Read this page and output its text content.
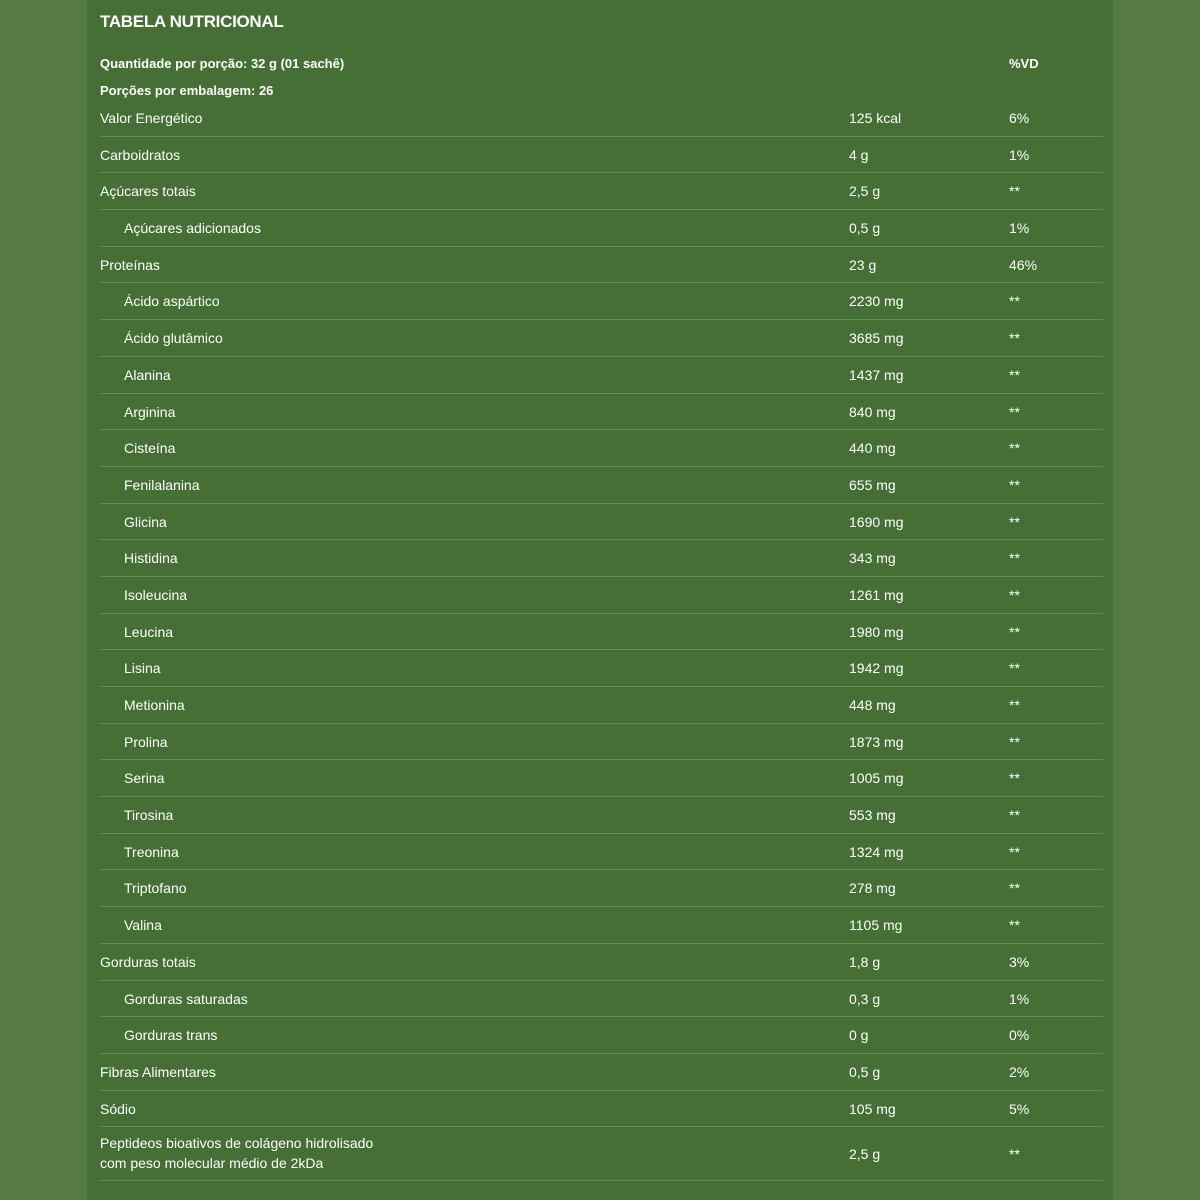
TABELA NUTRICIONAL
Quantidade por porção: 32 g (01 sachê)
Porções por embalagem: 26
%VD
Valor Energético	125 kcal	6%
Carboidratos	4 g	1%
Açúcares totais	2,5 g	**
Açúcares adicionados	0,5 g	1%
Proteínas	23 g	46%
Ácido aspártico	2230 mg	**
Ácido glutâmico	3685 mg	**
Alanina	1437 mg	**
Arginina	840 mg	**
Cisteína	440 mg	**
Fenilalanina	655 mg	**
Glicina	1690 mg	**
Histidina	343 mg	**
Isoleucina	1261 mg	**
Leucina	1980 mg	**
Lisina	1942 mg	**
Metionina	448 mg	**
Prolina	1873 mg	**
Serina	1005 mg	**
Tirosina	553 mg	**
Treonina	1324 mg	**
Triptofano	278 mg	**
Valina	1105 mg	**
Gorduras totais	1,8 g	3%
Gorduras saturadas	0,3 g	1%
Gorduras trans	0 g	0%
Fibras Alimentares	0,5 g	2%
Sódio	105 mg	5%
Peptideos bioativos de colágeno hidrolisado
com peso molecular médio de 2kDa
2,5 g	**
